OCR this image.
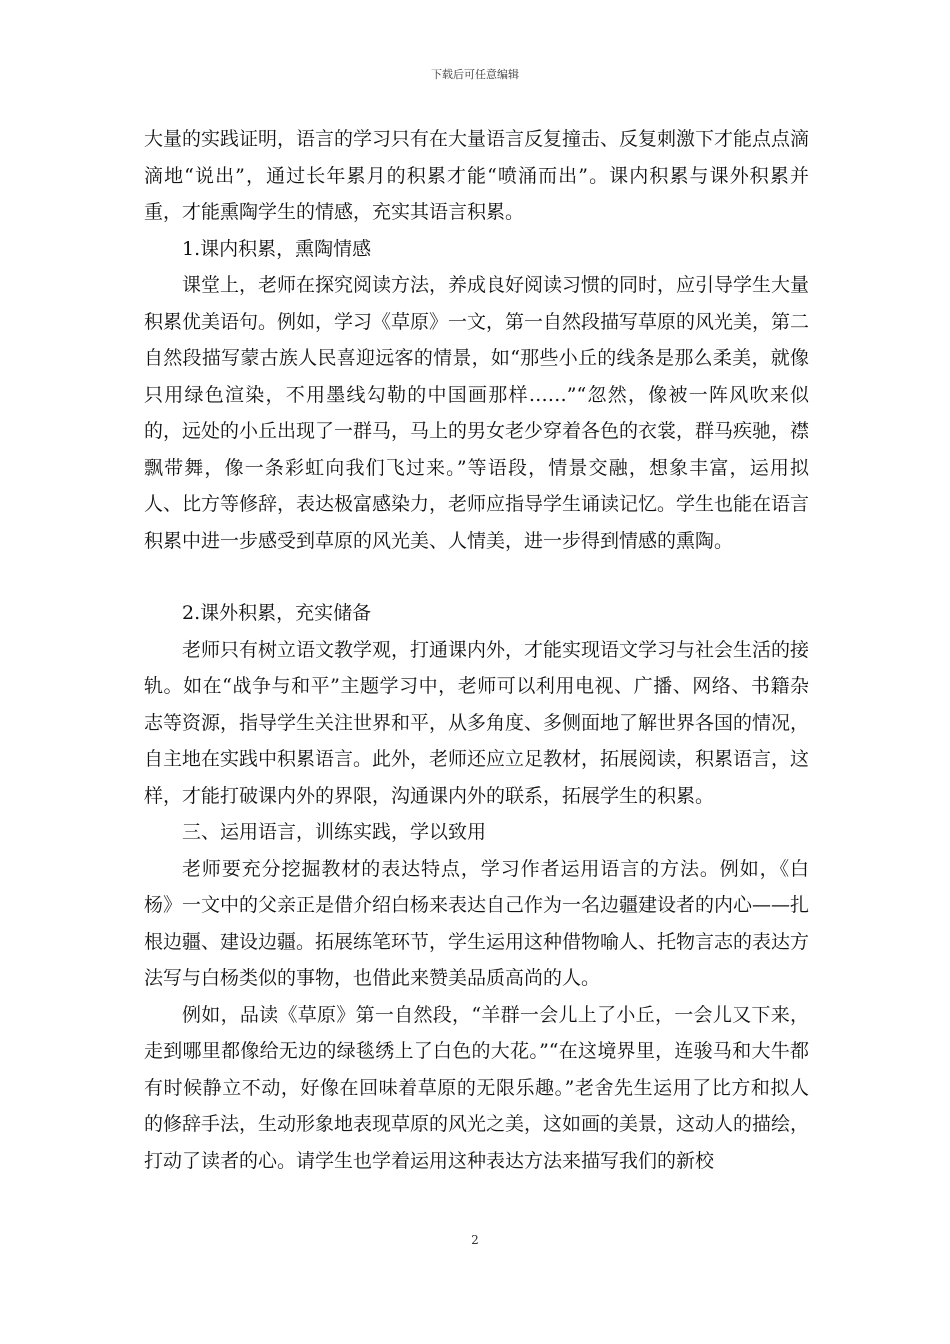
下载后可任意编辑

大量的实践证明，语言的学习只有在大量语言反复撞击、反复刺激下才能点点滴滴地“说出”，通过长年累月的积累才能“喷涌而出”。课内积累与课外积累并重，才能熏陶学生的情感，充实其语言积累。

1.课内积累，熏陶情感

课堂上，老师在探究阅读方法，养成良好阅读习惯的同时，应引导学生大量积累优美语句。例如，学习《草原》一文，第一自然段描写草原的风光美，第二自然段描写蒙古族人民喜迎远客的情景，如“那些小丘的线条是那么柔美，就像只用绿色渲染，不用墨线勾勒的中国画那样……”“忽然，像被一阵风吹来似的，远处的小丘出现了一群马，马上的男女老少穿着各色的衣裳，群马疾驰，襟飘带舞，像一条彩虹向我们飞过来。”等语段，情景交融，想象丰富，运用拟人、比方等修辞，表达极富感染力，老师应指导学生诵读记忆。学生也能在语言积累中进一步感受到草原的风光美、人情美，进一步得到情感的熏陶。

2.课外积累，充实储备

老师只有树立语文教学观，打通课内外，才能实现语文学习与社会生活的接轨。如在“战争与和平”主题学习中，老师可以利用电视、广播、网络、书籍杂志等资源，指导学生关注世界和平，从多角度、多侧面地了解世界各国的情况，自主地在实践中积累语言。此外，老师还应立足教材，拓展阅读，积累语言，这样，才能打破课内外的界限，沟通课内外的联系，拓展学生的积累。

三、运用语言，训练实践，学以致用

老师要充分挖掘教材的表达特点，学习作者运用语言的方法。例如，《白杨》一文中的父亲正是借介绍白杨来表达自己作为一名边疆建设者的内心——扎根边疆、建设边疆。拓展练笔环节，学生运用这种借物喻人、托物言志的表达方法写与白杨类似的事物，也借此来赞美品质高尚的人。

例如，品读《草原》第一自然段，“羊群一会儿上了小丘，一会儿又下来，走到哪里都像给无边的绿毯绣上了白色的大花。”“在这境界里，连骏马和大牛都有时候静立不动，好像在回味着草原的无限乐趣。”老舍先生运用了比方和拟人的修辞手法，生动形象地表现草原的风光之美，这如画的美景，这动人的描绘，打动了读者的心。请学生也学着运用这种表达方法来描写我们的新校

2
